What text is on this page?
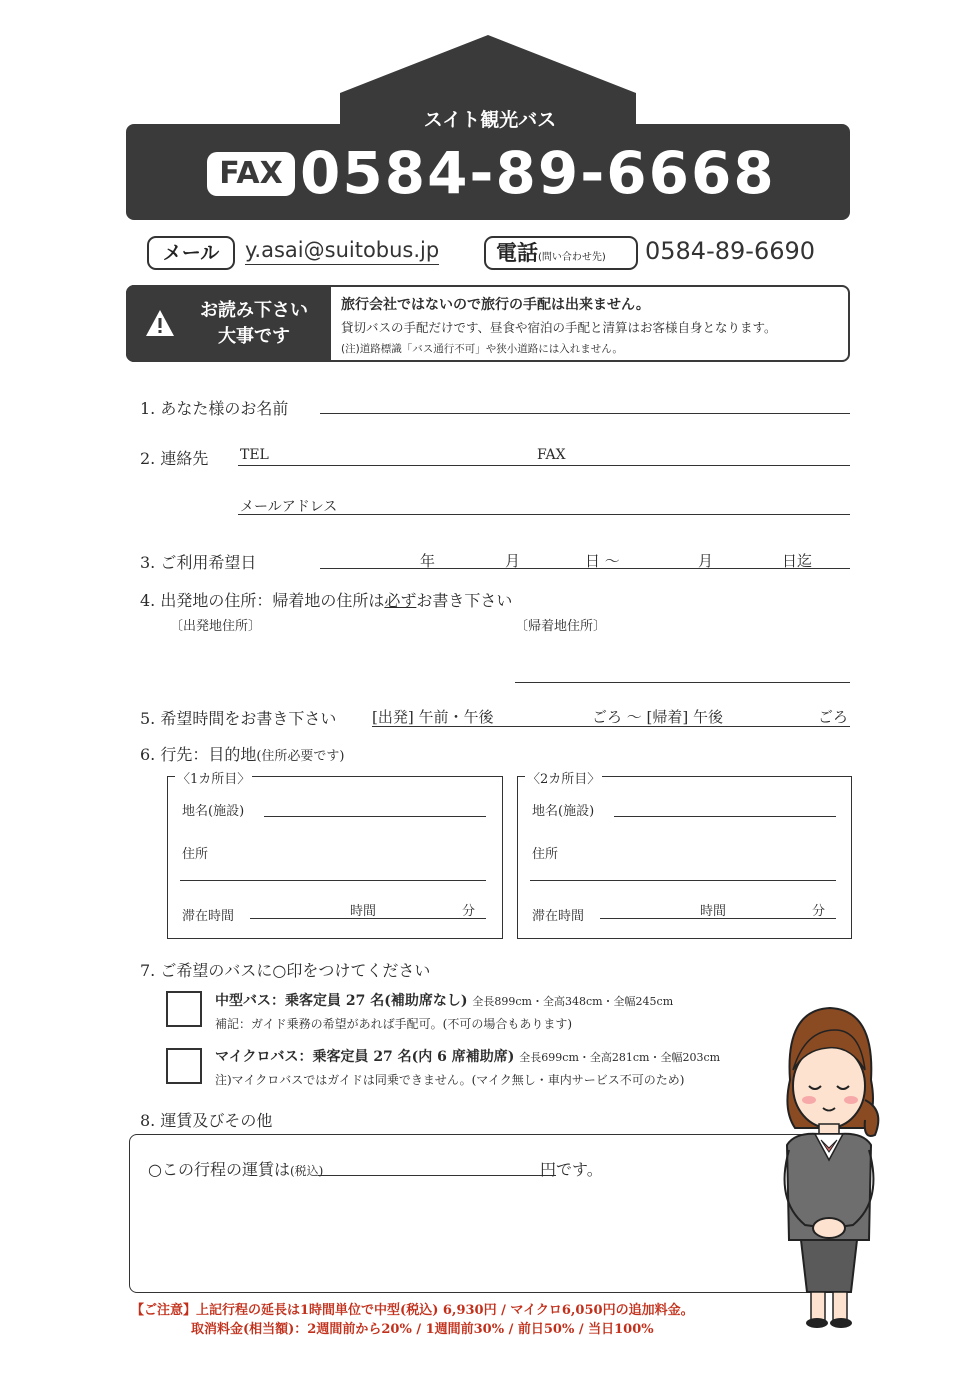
スイト観光バス
FAX 0584-89-6668
メール	y.asai@suitobus.jp	電話(問い合わせ先)	0584-89-6690
お読み下さい
大事です
旅行会社ではないので旅行の手配は出来ません。
貸切バスの手配だけです、昼食や宿泊の手配と清算はお客様自身となります。
(注)道路標識「バス通行不可」や狭小道路には入れません。
1. あなた様のお名前
2. 連絡先 TEL	FAX
メールアドレス
3. ご利用希望日	年	月	日 〜	月	日迄
4. 出発地の住所：帰着地の住所は必ずお書き下さい
〔出発地住所〕	〔帰着地住所〕
5. 希望時間をお書き下さい [出発] 午前・午後	ごろ 〜 [帰着] 午後	ごろ
6. 行先：目的地(住所必要です)
〈1カ所目〉
地名(施設)
住所
滞在時間	時間	分
〈2カ所目〉
地名(施設)
住所
滞在時間	時間	分
7. ご希望のバスに○印をつけてください
中型バス：乗客定員 27 名(補助席なし) 全長899cm・全高348cm・全幅245cm
補記：ガイド乗務の希望があれば手配可。(不可の場合もあります)
マイクロバス：乗客定員 27 名(内 6 席補助席) 全長699cm・全高281cm・全幅203cm
注)マイクロバスではガイドは同乗できません。(マイク無し・車内サービス不可のため)
8. 運賃及びその他
○この行程の運賃は(税込)	円です。
【ご注意】上記行程の延長は1時間単位で中型(税込) 6,930円 / マイクロ6,050円の追加料金。
取消料金(相当額)：2週間前から20% / 1週間前30% / 前日50% / 当日100%
